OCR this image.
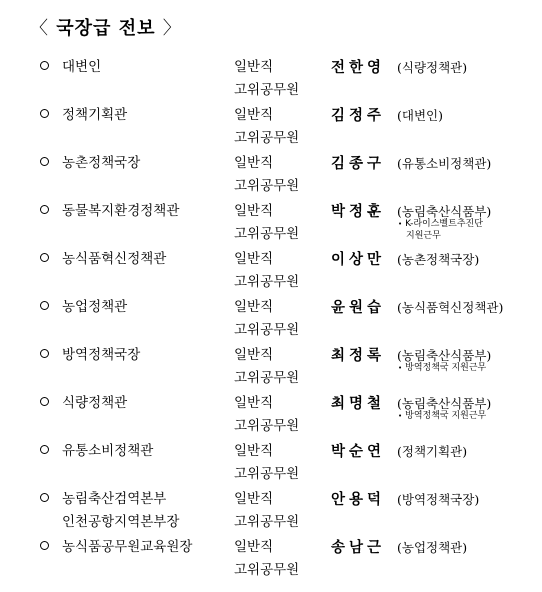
〈 국장급 전보 〉
대변인	일반직
고위공무원
전한영 (식량정책관)
정책기획관	일반직
고위공무원
김정주 (대변인)
농촌정책국장	일반직
고위공무원
김종구 (유통소비정책관)
동물복지환경정책관	일반직
고위공무원
박정훈 (농림축산식품부)
• K-라이스벨트추진단
지원근무
농식품혁신정책관	일반직
고위공무원
이상만 (농촌정책국장)
농업정책관	일반직
고위공무원
윤원습 (농식품혁신정책관)
방역정책국장	일반직
고위공무원
최정록 (농림축산식품부)
• 방역정책국 지원근무
식량정책관	일반직
고위공무원
최명철 (농림축산식품부)
• 방역정책국 지원근무
유통소비정책관	일반직
고위공무원
박순연 (정책기획관)
농림축산검역본부
인천공항지역본부장
일반직
고위공무원
안용덕 (방역정책국장)
농식품공무원교육원장	일반직
고위공무원
송남근 (농업정책관)
